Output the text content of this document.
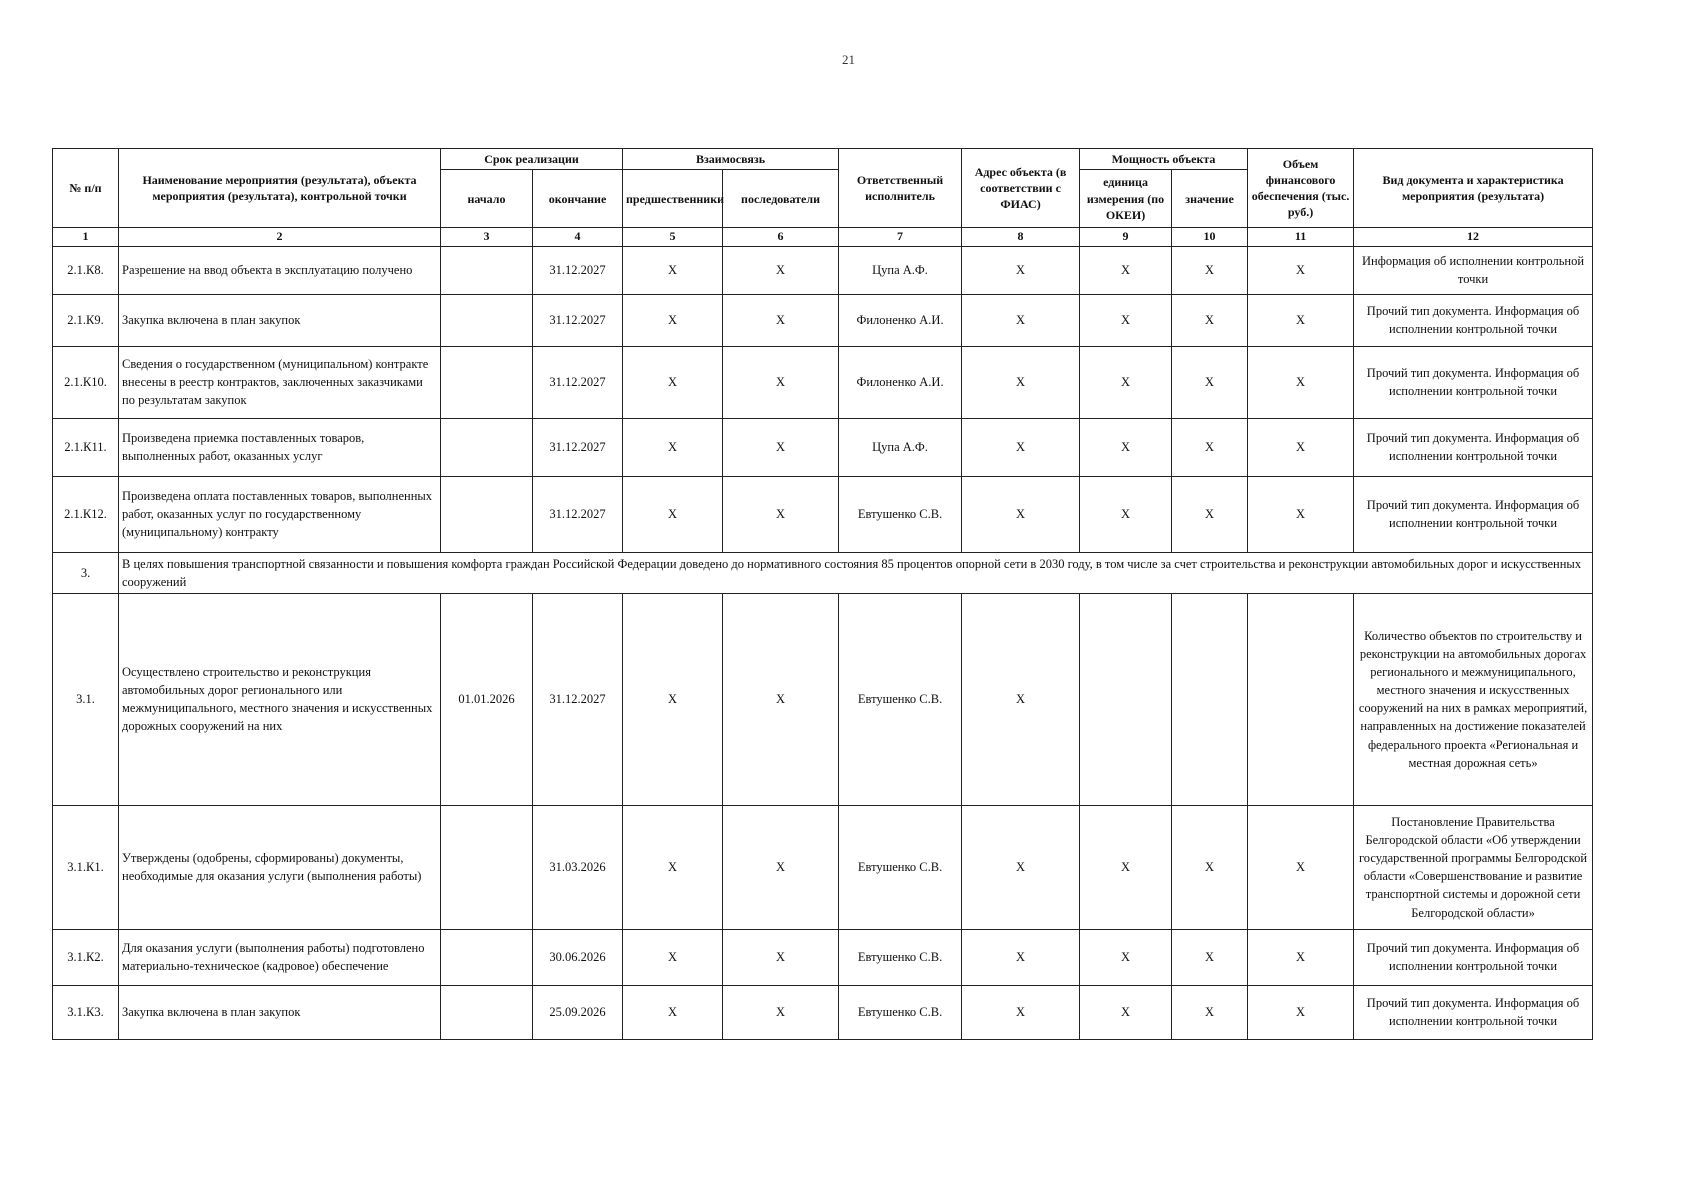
21
№ п/п	Наименование мероприятия (результата), объекта мероприятия (результата), контрольной точки	Срок реализации		Взаимосвязь		Ответственный исполнитель	Адрес объекта (в соответствии с ФИАС)	Мощность объекта		Объем финансового обеспечения (тыс. руб.)	Вид документа и характеристика мероприятия (результата)
		начало	окончание	предшественники	последователи			единица измерения (по ОКЕИ)	значение		
1	2	3	4	5	6	7	8	9	10	11	12
2.1.К8.	Разрешение на ввод объекта в эксплуатацию получено		31.12.2027	X	X	Цупа А.Ф.	X	X	X	X	Информация об исполнении контрольной точки
2.1.К9.	Закупка включена в план закупок		31.12.2027	X	X	Филоненко А.И.	X	X	X	X	Прочий тип документа. Информация об исполнении контрольной точки
2.1.К10.	Сведения о государственном (муниципальном) контракте внесены в реестр контрактов, заключенных заказчиками по результатам закупок		31.12.2027	X	X	Филоненко А.И.	X	X	X	X	Прочий тип документа. Информация об исполнении контрольной точки
2.1.К11.	Произведена приемка поставленных товаров, выполненных работ, оказанных услуг		31.12.2027	X	X	Цупа А.Ф.	X	X	X	X	Прочий тип документа. Информация об исполнении контрольной точки
2.1.К12.	Произведена оплата поставленных товаров, выполненных работ, оказанных услуг по государственному (муниципальному) контракту		31.12.2027	X	X	Евтушенко С.В.	X	X	X	X	Прочий тип документа. Информация об исполнении контрольной точки
3.	В целях повышения транспортной связанности и повышения комфорта граждан Российской Федерации доведено до нормативного состояния 85 процентов опорной сети в 2030 году, в том числе за счет строительства и реконструкции автомобильных дорог и искусственных сооружений										
3.1.	Осуществлено строительство и реконструкция автомобильных дорог регионального или межмуниципального, местного значения и искусственных дорожных сооружений на них	01.01.2026	31.12.2027	X	X	Евтушенко С.В.	X				Количество объектов по строительству и реконструкции на автомобильных дорогах регионального и межмуниципального, местного значения и искусственных сооружений на них в рамках мероприятий, направленных на достижение показателей федерального проекта «Региональная и местная дорожная сеть»
3.1.К1.	Утверждены (одобрены, сформированы) документы, необходимые для оказания услуги (выполнения работы)		31.03.2026	X	X	Евтушенко С.В.	X	X	X	X	Постановление Правительства Белгородской области «Об утверждении государственной программы Белгородской области «Совершенствование и развитие транспортной системы и дорожной сети Белгородской области»
3.1.К2.	Для оказания услуги (выполнения работы) подготовлено материально-техническое (кадровое) обеспечение		30.06.2026	X	X	Евтушенко С.В.	X	X	X	X	Прочий тип документа. Информация об исполнении контрольной точки
3.1.К3.	Закупка включена в план закупок		25.09.2026	X	X	Евтушенко С.В.	X	X	X	X	Прочий тип документа. Информация об исполнении контрольной точки
